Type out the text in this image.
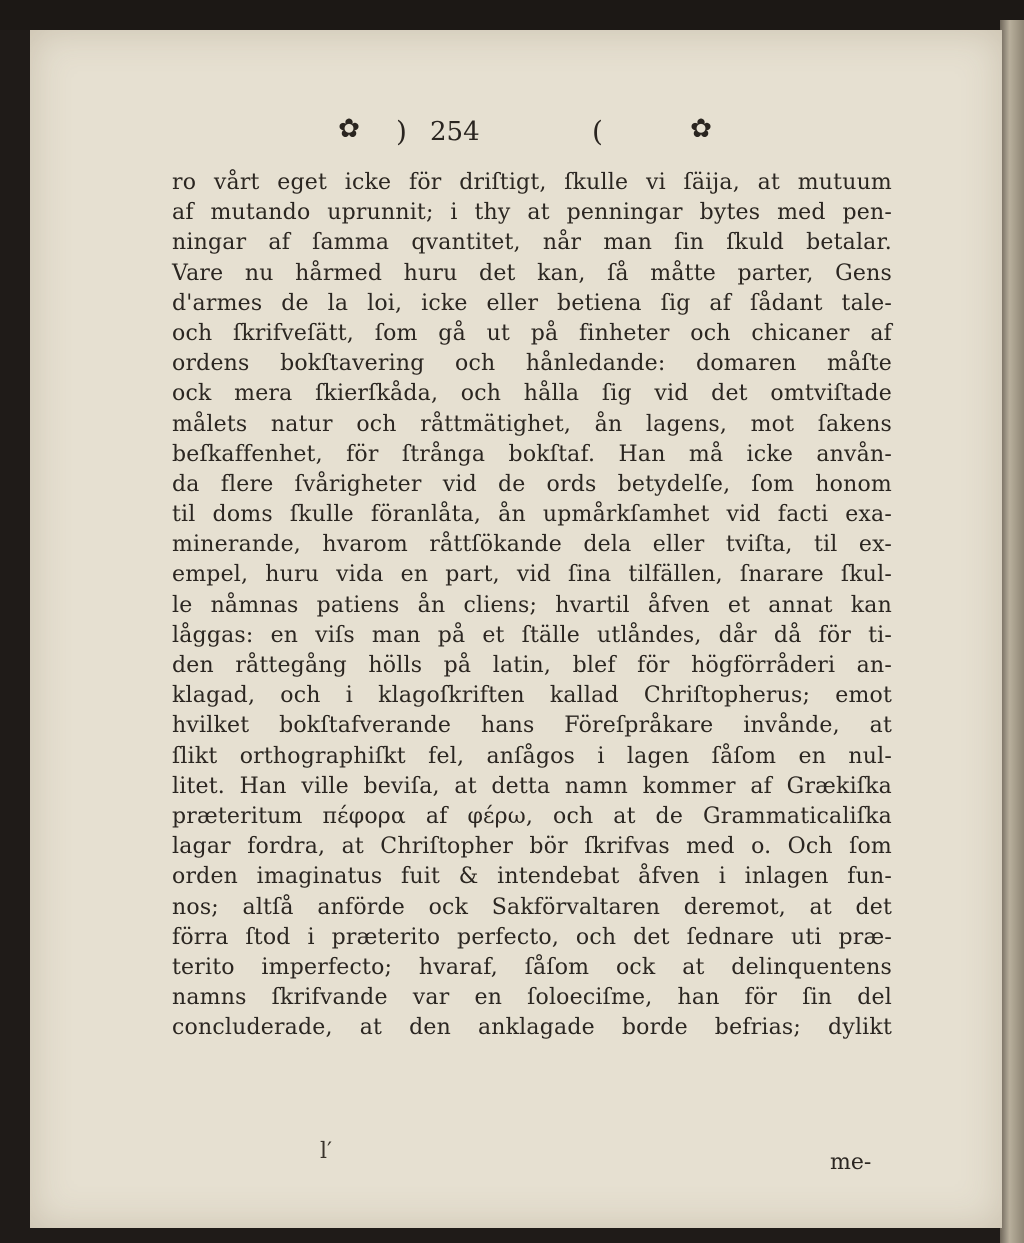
✿ ) 254	(	✿
ro vårt eget icke för driſtigt, ſkulle vi ſäija, at mutuum
af mutando uprunnit; i thy at penningar bytes med pen-
ningar af ſamma qvantitet, når man ſin ſkuld betalar.
Vare nu hårmed huru det kan, ſå måtte parter, Gens
d'armes de la loi, icke eller betiena ſig af ſådant tale-
och ſkrifveſätt, ſom gå ut på finheter och chicaner af
ordens bokſtavering och hånledande: domaren måſte
ock mera ſkierſkåda, och hålla ſig vid det omtviſtade
målets natur och råttmätighet, ån lagens, mot ſakens
beſkaffenhet, för ſtrånga bokſtaf. Han må icke anvån-
da flere ſvårigheter vid de ords betydelſe, ſom honom
til doms ſkulle föranlåta, ån upmårkſamhet vid facti exa-
minerande, hvarom råttſökande dela eller tviſta, til ex-
empel, huru vida en part, vid ſina tilfällen, ſnarare ſkul-
le nåmnas patiens ån cliens; hvartil åfven et annat kan
låggas: en viſs man på et ſtälle utlåndes, dår då för ti-
den råttegång hölls på latin, blef för högförråderi an-
klagad, och i klagoſkriften kallad Chriſtopherus; emot
hvilket bokſtafverande hans Föreſpråkare invånde, at
ſlikt orthographiſkt fel, anſågos i lagen ſåſom en nul-
litet. Han ville beviſa, at detta namn kommer af Grækiſka
præteritum πέφορα af φέρω, och at de Grammaticaliſka
lagar fordra, at Chriſtopher bör ſkrifvas med o. Och ſom
orden imaginatus fuit & intendebat åfven i inlagen fun-
nos; altſå anförde ock Sakförvaltaren deremot, at det
förra ſtod i præterito perfecto, och det ſednare uti præ-
terito imperfecto; hvaraf, ſåſom ock at delinquentens
namns ſkrifvande var en ſoloeciſme, han för ſin del
concluderade, at den anklagade borde befrias; dylikt
l′	me-
